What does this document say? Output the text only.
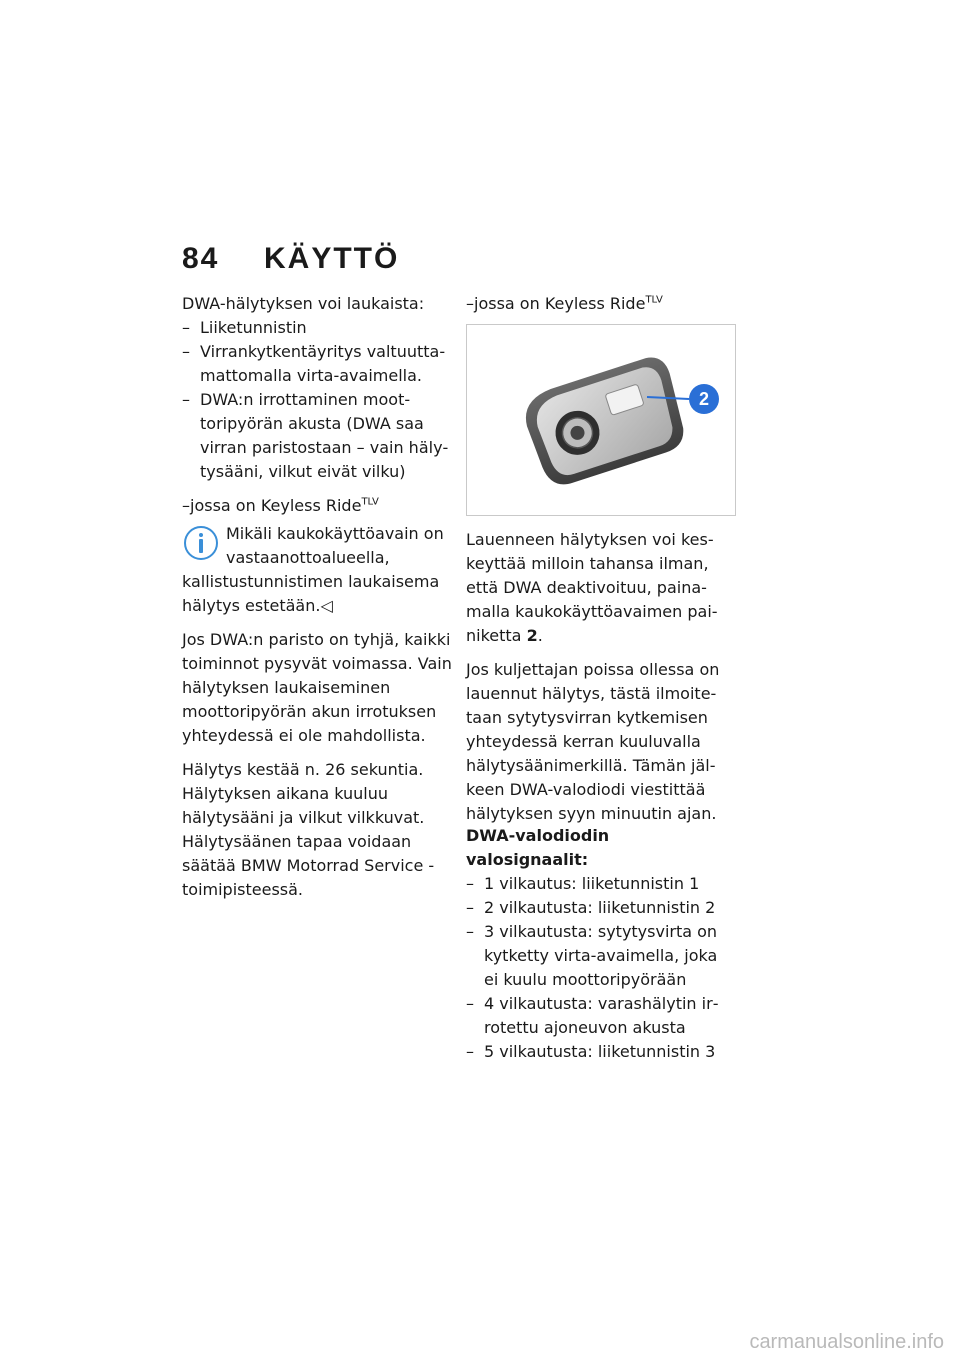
84 KÄYTTÖ
DWA-hälytyksen voi laukaista:
– Liiketunnistin
– Virrankytkentäyritys valtuuttamattomalla virta-avaimella.
– DWA:n irrottaminen moottoripyörän akusta (DWA saa virran paristostaan – vain hälytysääni, vilkut eivät vilku)
–jossa on Keyless Ride$^{TLV}$
Mikäli kaukokäyttöavain on vastaanottoalueella, kallistustunnistimen laukaisema hälytys estetään.◁

Jos DWA:n paristo on tyhjä, kaikki toiminnot pysyvät voimassa. Vain hälytyksen laukaiseminen moottoripyörän akun irrotuksen yhteydessä ei ole mahdollista.

Hälytys kestää n. 26 sekuntia. Hälytyksen aikana kuuluu hälytysääni ja vilkut vilkkuvat. Hälytysäänen tapaa voidaan säätää BMW Motorrad Service -toimipisteessä.

–jossa on Keyless Ride$^{TLV}$
2

Lauenneen hälytyksen voi keskeyttää milloin tahansa ilman, että DWA deaktivoituu, painamalla kaukokäyttöavaimen painiketta 2.

Jos kuljettajan poissa ollessa on lauennut hälytys, tästä ilmoitetaan sytytysvirran kytkemisen yhteydessä kerran kuuluvalla hälytysäänimerkillä. Tämän jälkeen DWA-valodiodi viestittää hälytyksen syyn minuutin ajan.

DWA-valodiodin valosignaalit:
– 1 vilkautus: liiketunnistin 1
– 2 vilkautusta: liiketunnistin 2
– 3 vilkautusta: sytytysvirta on kytketty virta-avaimella, joka ei kuulu moottoripyörään
– 4 vilkautusta: varashälytin irrotettu ajoneuvon akusta
– 5 vilkautusta: liiketunnistin 3
carmanualsonline.info
